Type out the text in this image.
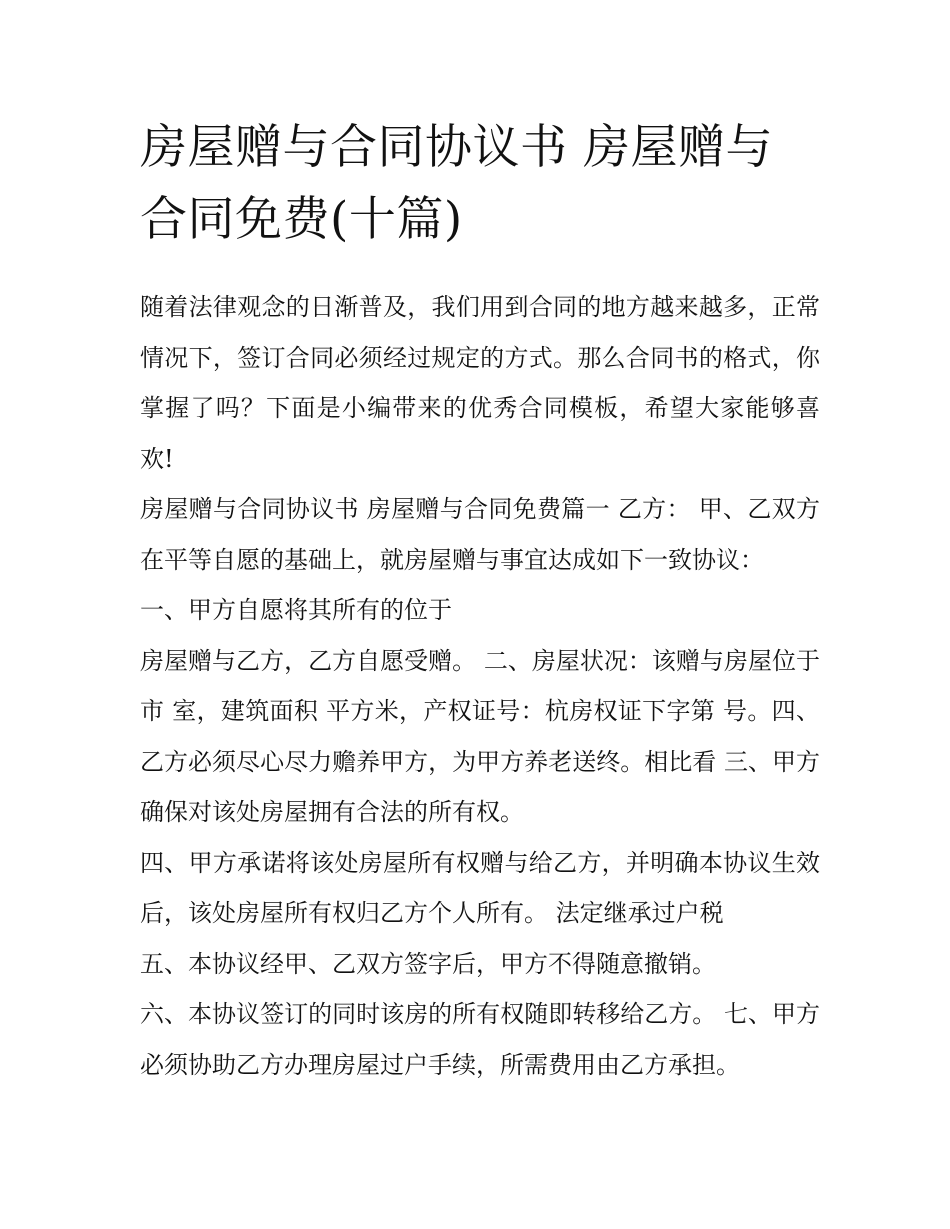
房屋赠与合同协议书 房屋赠与合同免费(十篇)

随着法律观念的日渐普及，我们用到合同的地方越来越多，正常情况下，签订合同必须经过规定的方式。那么合同书的格式，你掌握了吗？下面是小编带来的优秀合同模板，希望大家能够喜欢!

房屋赠与合同协议书 房屋赠与合同免费篇一 乙方： 甲、乙双方在平等自愿的基础上，就房屋赠与事宜达成如下一致协议：

一、甲方自愿将其所有的位于

房屋赠与乙方，乙方自愿受赠。 二、房屋状况：该赠与房屋位于 市 室，建筑面积 平方米，产权证号：杭房权证下字第 号。四、乙方必须尽心尽力赡养甲方，为甲方养老送终。相比看 三、甲方确保对该处房屋拥有合法的所有权。

四、甲方承诺将该处房屋所有权赠与给乙方，并明确本协议生效后，该处房屋所有权归乙方个人所有。 法定继承过户税

五、本协议经甲、乙双方签字后，甲方不得随意撤销。

六、本协议签订的同时该房的所有权随即转移给乙方。 七、甲方必须协助乙方办理房屋过户手续，所需费用由乙方承担。
